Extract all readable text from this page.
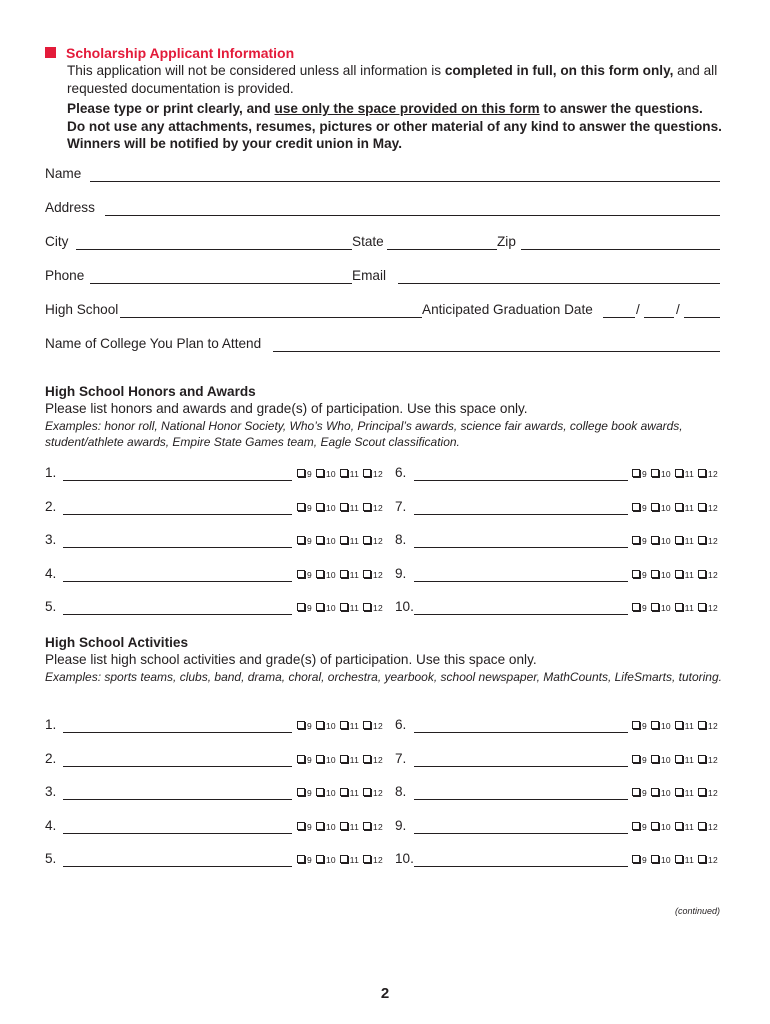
Scholarship Applicant Information
This application will not be considered unless all information is completed in full, on this form only, and all requested documentation is provided.
Please type or print clearly, and use only the space provided on this form to answer the questions.
Do not use any attachments, resumes, pictures or other material of any kind to answer the questions.
Winners will be notified by your credit union in May.
Name
Address
City	State	Zip
Phone	Email
High School	Anticipated Graduation Date	/	/
Name of College You Plan to Attend
High School Honors and Awards
Please list honors and awards and grade(s) of participation. Use this space only.
Examples: honor roll, National Honor Society, Who’s Who, Principal’s awards, science fair awards, college book awards, student/athlete awards, Empire State Games team, Eagle Scout classification.
1.	9 10 11 12
2.	9 10 11 12
3.	9 10 11 12
4.	9 10 11 12
5.	9 10 11 12
6.	9 10 11 12
7.	9 10 11 12
8.	9 10 11 12
9.	9 10 11 12
10.	9 10 11 12
High School Activities
Please list high school activities and grade(s) of participation. Use this space only.
Examples: sports teams, clubs, band, drama, choral, orchestra, yearbook, school newspaper, MathCounts, LifeSmarts, tutoring.
1.	9 10 11 12
2.	9 10 11 12
3.	9 10 11 12
4.	9 10 11 12
5.	9 10 11 12
6.	9 10 11 12
7.	9 10 11 12
8.	9 10 11 12
9.	9 10 11 12
10.	9 10 11 12
(continued)
2
